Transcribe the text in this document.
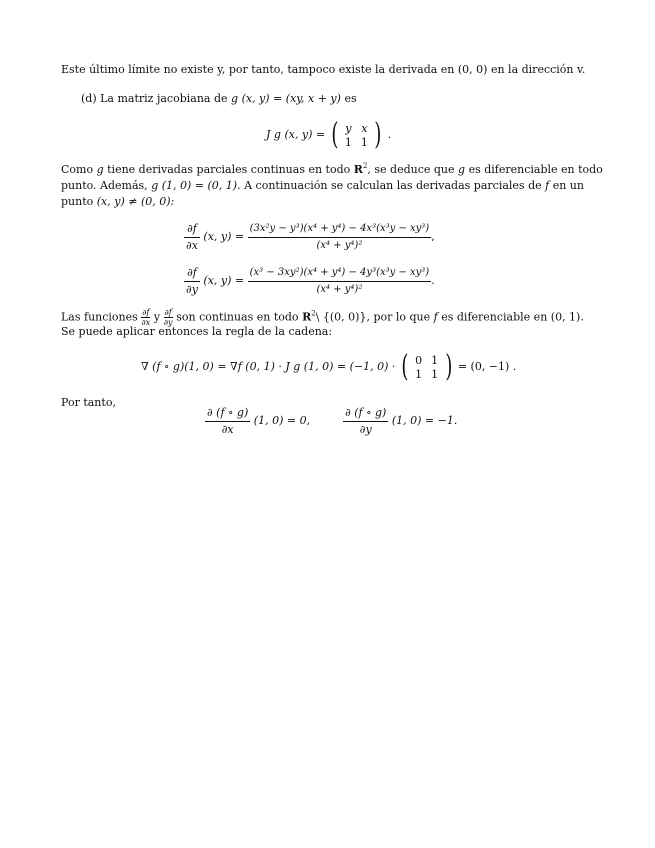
Este último límite no existe y, por tanto, tampoco existe la derivada en (0, 0) en la dirección v.
(d) La matriz jacobiana de g (x, y) = (xy, x + y) es
J g (x, y) = ( y x
1 1 ) .
Como g tiene derivadas parciales continuas en todo $R^2$, se deduce que g es diferenciable en todo
punto. Además, g (1, 0) = (0, 1). A continuación se calculan las derivadas parciales de f en un
punto (x, y) ≠ (0, 0):
$\frac{\partial f}{\partial x} (x$, $y) = \frac{\text{(3x²y − y³)(x⁴ + y⁴) − 4x³(x³y − xy³)}}{\text{(x⁴ + y⁴)²}}$ ,
$\frac{\partial f}{\partial y} (x$, $y) = \frac{\text{(x³ − 3xy²)(x⁴ + y⁴) − 4y³(x³y − xy³)}}{\text{(x⁴ + y⁴)²}}$ .
Las funciones $\frac{\partial f}{\partial x}$ y $\frac{\partial f}{\partial y}$ son continuas en todo $R^2\backslash$ {(0, 0)}, por lo que f es diferenciable en (0, 1).
Se puede aplicar entonces la regla de la cadena:
∇ (f ∘ g)(1, 0) = ∇f (0, 1) · J g (1, 0) = (−1, 0) · ( 0 1
1 1 ) = (0, −1) .
Por tanto,
$\frac{\partial (f \circ g)}{\partial x} (1$, 0) = 0,	$\frac{\partial (f \circ g)}{\partial y} (1$, 0) = −1.
